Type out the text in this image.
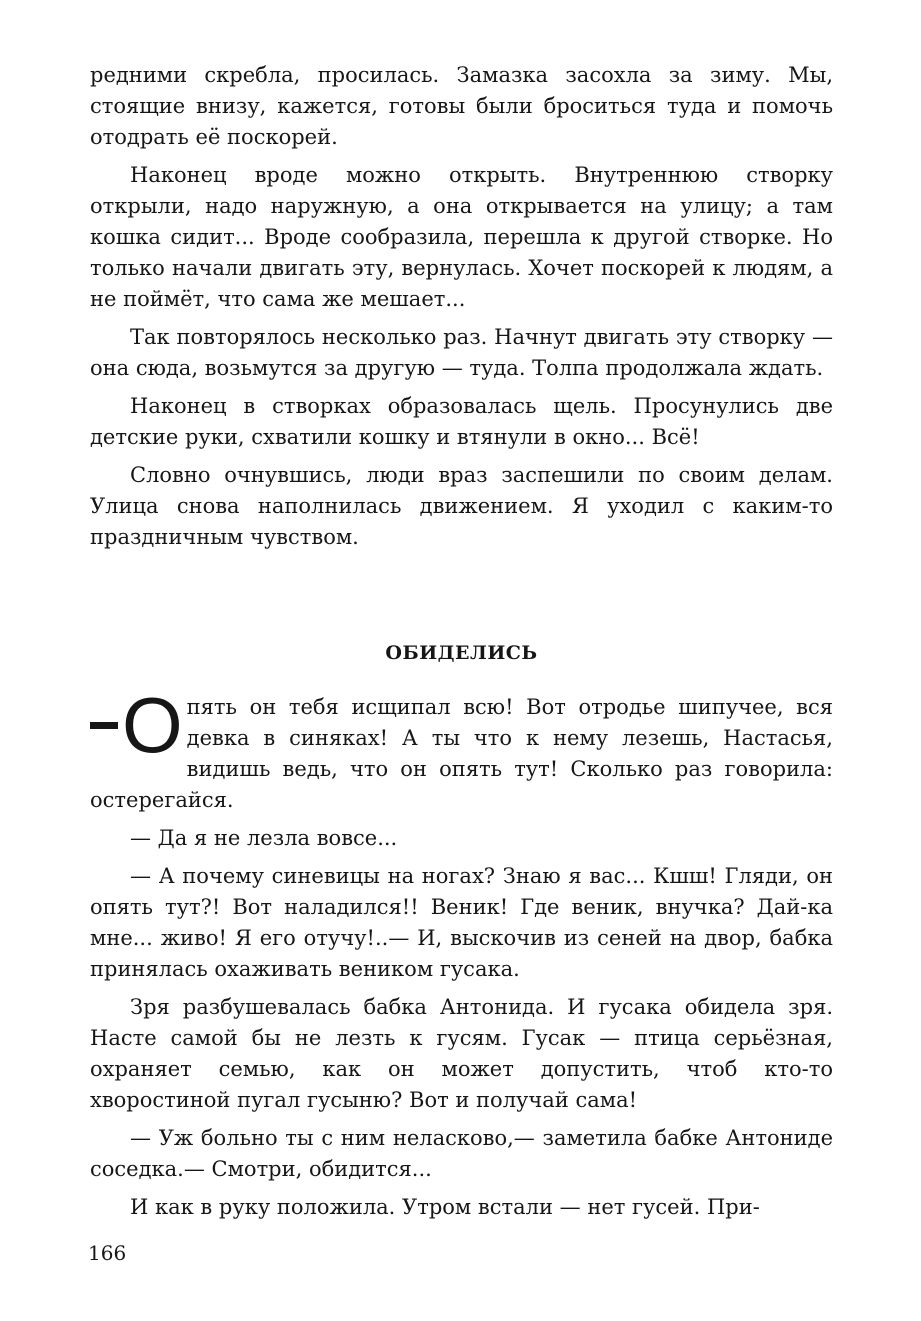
редними скребла, просилась. Замазка засохла за зиму. Мы, стоящие внизу, кажется, готовы были броситься туда и помочь отодрать её поскорей.

Наконец вроде можно открыть. Внутреннюю створку открыли, надо наружную, а она открывается на улицу; а там кошка сидит... Вроде сообразила, перешла к другой створке. Но только начали двигать эту, вернулась. Хочет поскорей к людям, а не поймёт, что сама же мешает...

Так повторялось несколько раз. Начнут двигать эту створку — она сюда, возьмутся за другую — туда. Толпа продолжала ждать.

Наконец в створках образовалась щель. Просунулись две детские руки, схватили кошку и втянули в окно... Всё!

Словно очнувшись, люди враз заспешили по своим делам. Улица снова наполнилась движением. Я уходил с каким-то праздничным чувством.

ОБИДЕЛИСЬ

О пять он тебя исщипал всю! Вот отродье шипучее, вся девка в синяках! А ты что к нему лезешь, Настасья, видишь ведь, что он опять тут! Сколько раз говорила: остерегайся.

— Да я не лезла вовсе...

— А почему синевицы на ногах? Знаю я вас... Кшш! Гляди, он опять тут?! Вот наладился!! Веник! Где веник, внучка? Дай-ка мне... живо! Я его отучу!..— И, выскочив из сеней на двор, бабка принялась охаживать веником гусака.

Зря разбушевалась бабка Антонида. И гусака обидела зря. Насте самой бы не лезть к гусям. Гусак — птица серьёзная, охраняет семью, как он может допустить, чтоб кто-то хворостиной пугал гусыню? Вот и получай сама!

— Уж больно ты с ним неласково,— заметила бабке Антониде соседка.— Смотри, обидится...

И как в руку положила. Утром встали — нет гусей. При-

166
